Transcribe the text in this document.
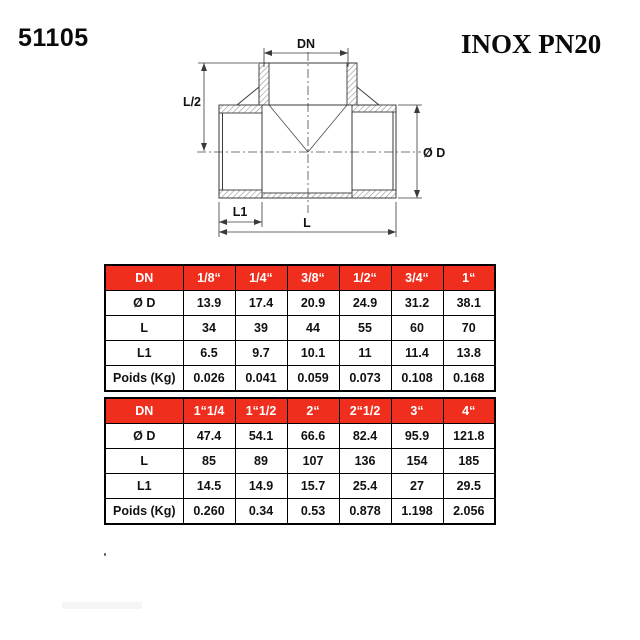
51105	INOX PN20
DN
L/2
Ø D
L1
L
DN	1/8“	1/4“	3/8“	1/2“	3/4“	1“
Ø D	13.9	17.4	20.9	24.9	31.2	38.1
L	34	39	44	55	60	70
L1	6.5	9.7	10.1	11	11.4	13.8
Poids (Kg)	0.026	0.041	0.059	0.073	0.108	0.168
DN	1“1/4	1“1/2	2“	2“1/2	3“	4“
Ø D	47.4	54.1	66.6	82.4	95.9	121.8
L	85	89	107	136	154	185
L1	14.5	14.9	15.7	25.4	27	29.5
Poids (Kg)	0.260	0.34	0.53	0.878	1.198	2.056
